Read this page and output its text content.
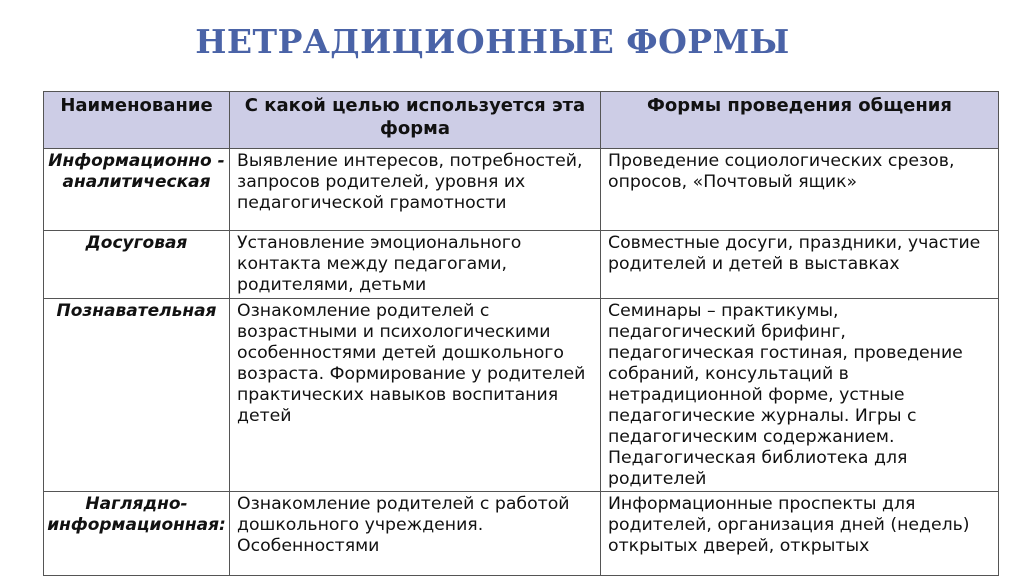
НЕТРАДИЦИОННЫЕ ФОРМЫ
Наименование	С какой целью используется эта форма	Формы проведения общения
Информационно - аналитическая	Выявление интересов, потребностей, запросов родителей, уровня их педагогической грамотности	Проведение социологических срезов, опросов, «Почтовый ящик»
Досуговая	Установление эмоционального контакта между педагогами, родителями, детьми	Совместные досуги, праздники, участие родителей и детей в выставках
Познавательная	Ознакомление родителей с возрастными и психологическими особенностями детей дошкольного возраста. Формирование у родителей практических навыков воспитания детей	Семинары – практикумы, педагогический брифинг, педагогическая гостиная, проведение собраний, консультаций в нетрадиционной форме, устные педагогические журналы. Игры с педагогическим содержанием. Педагогическая библиотека для родителей
Наглядно-информационная:	Ознакомление родителей с работой дошкольного учреждения. Особенностями	Информационные проспекты для родителей, организация дней (недель) открытых дверей, открытых
